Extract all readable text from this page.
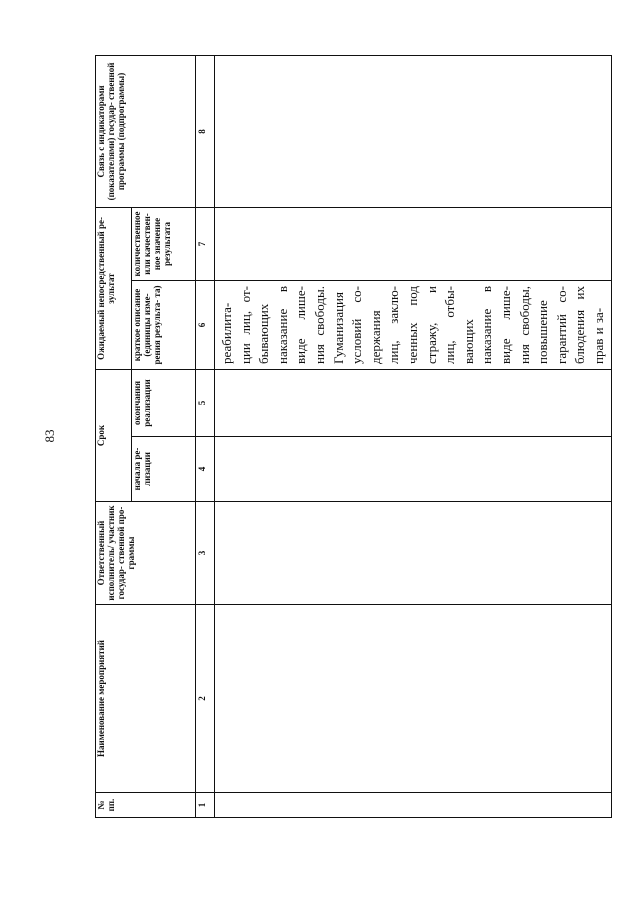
83
№ пп.	Наименование мероприятий	Ответственный исполнитель/ участник государ- ственной про- граммы	Срок		Ожидаемый непосредственный ре- зультат		Связь с индикаторами (показателями) государ- ственной программы (подпрограммы)
			начала ре- лизации	окончания реализации	краткое описание (единицы изме- рения результа- та)	количественное или качествен- ное значение результата	
1	2	3	4	5	6	7	8

					реабилита- ции лиц, от- бывающих наказание в виде лише- ния свободы. Гуманизация условий со- держания лиц, заклю- ченных под стражу, и лиц, отбы- вающих наказание в виде лише- ния свободы, повышение гарантий со- блюдения их прав и за-		
